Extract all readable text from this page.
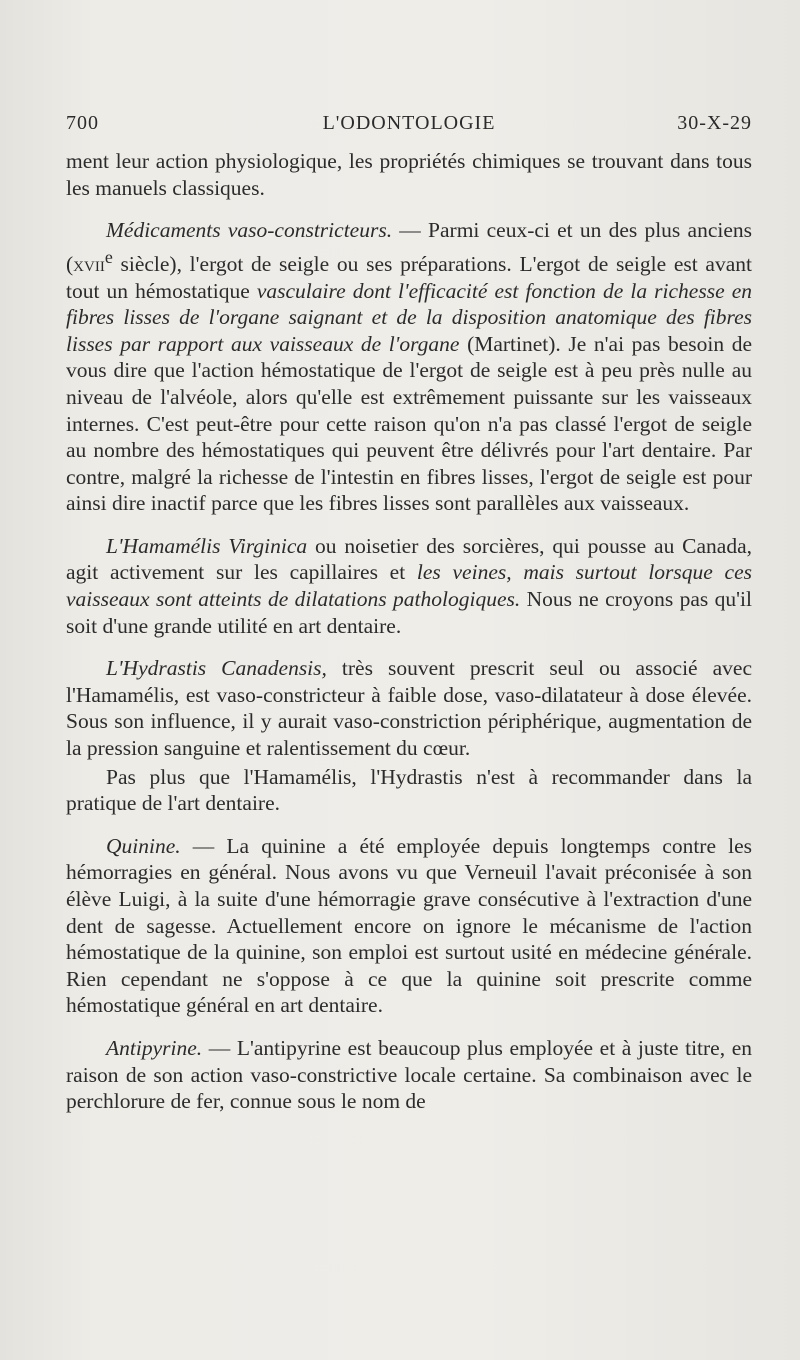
700	L'ODONTOLOGIE	30-X-29

ment leur action physiologique, les propriétés chimiques se trouvant dans tous les manuels classiques.

Médicaments vaso-constricteurs. — Parmi ceux-ci et un des plus anciens (xvii$^e$ siècle), l'ergot de seigle ou ses préparations. L'ergot de seigle est avant tout un hémostatique vasculaire dont l'efficacité est fonction de la richesse en fibres lisses de l'organe saignant et de la disposition anatomique des fibres lisses par rapport aux vaisseaux de l'organe (Martinet). Je n'ai pas besoin de vous dire que l'action hémostatique de l'ergot de seigle est à peu près nulle au niveau de l'alvéole, alors qu'elle est extrêmement puissante sur les vaisseaux internes. C'est peut-être pour cette raison qu'on n'a pas classé l'ergot de seigle au nombre des hémostatiques qui peuvent être délivrés pour l'art dentaire. Par contre, malgré la richesse de l'intestin en fibres lisses, l'ergot de seigle est pour ainsi dire inactif parce que les fibres lisses sont parallèles aux vaisseaux.

L'Hamamélis Virginica ou noisetier des sorcières, qui pousse au Canada, agit activement sur les capillaires et les veines, mais surtout lorsque ces vaisseaux sont atteints de dilatations pathologiques. Nous ne croyons pas qu'il soit d'une grande utilité en art dentaire.

L'Hydrastis Canadensis, très souvent prescrit seul ou associé avec l'Hamamélis, est vaso-constricteur à faible dose, vaso-dilatateur à dose élevée. Sous son influence, il y aurait vaso-constriction périphérique, augmentation de la pression sanguine et ralentissement du cœur.

Pas plus que l'Hamamélis, l'Hydrastis n'est à recommander dans la pratique de l'art dentaire.

Quinine. — La quinine a été employée depuis longtemps contre les hémorragies en général. Nous avons vu que Verneuil l'avait préconisée à son élève Luigi, à la suite d'une hémorragie grave consécutive à l'extraction d'une dent de sagesse. Actuellement encore on ignore le mécanisme de l'action hémostatique de la quinine, son emploi est surtout usité en médecine générale. Rien cependant ne s'oppose à ce que la quinine soit prescrite comme hémostatique général en art dentaire.

Antipyrine. — L'antipyrine est beaucoup plus employée et à juste titre, en raison de son action vaso-constrictive locale certaine. Sa combinaison avec le perchlorure de fer, connue sous le nom de
